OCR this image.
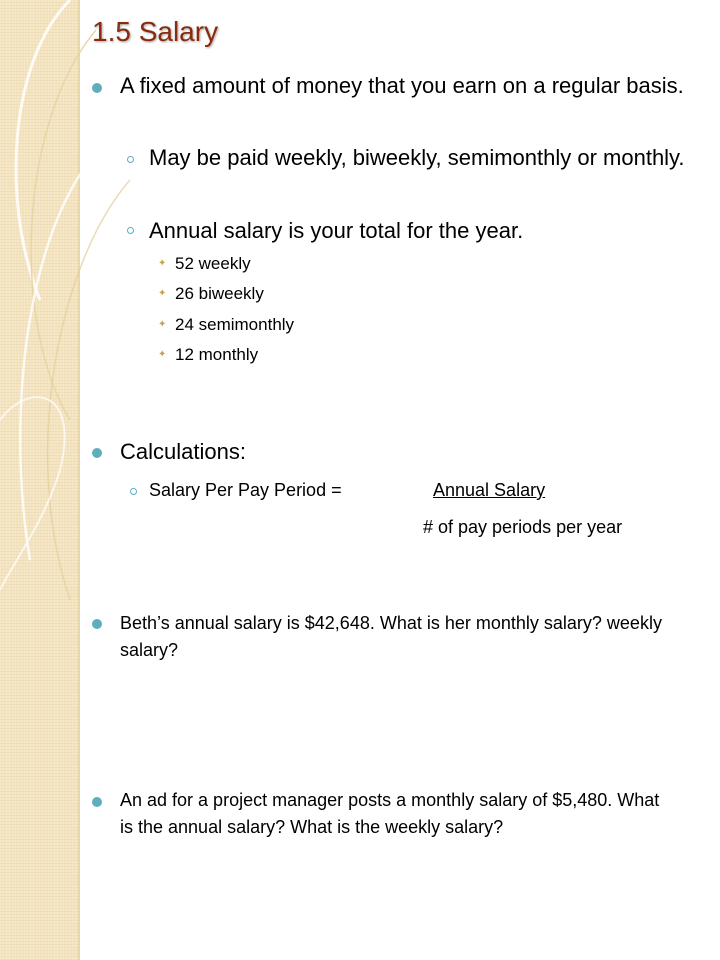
1.5 Salary
A fixed amount of money that you earn on a regular basis.
May be paid weekly, biweekly, semimonthly or monthly.
Annual salary is your total for the year.
✦ 52 weekly
✦ 26 biweekly
✦ 24 semimonthly
✦ 12 monthly
Calculations:
Salary Per Pay Period =	Annual Salary
# of pay periods per year
Beth’s annual salary is $42,648. What is her monthly salary? weekly salary?
An ad for a project manager posts a monthly salary of $5,480. What is the annual salary? What is the weekly salary?
